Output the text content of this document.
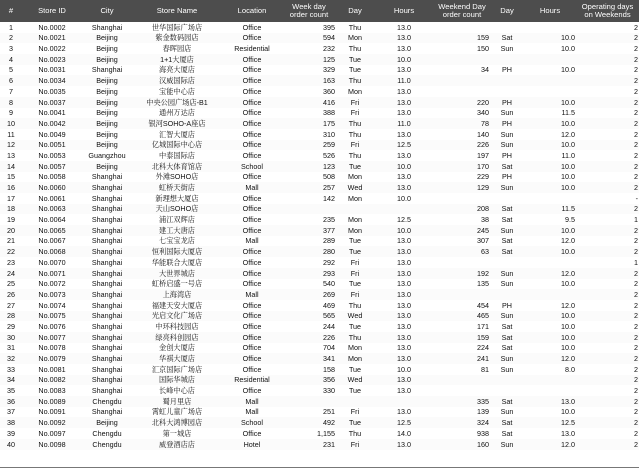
#	Store ID	City	Store Name	Location	Week day order count	Day	Hours	Weekend Day order count	Day	Hours	Operating days on Weekends
1	No.0002	Shanghai	世华国际广场店	Office	395	Thu	13.0				2
2	No.0021	Beijing	紫金数码园店	Office	594	Mon	13.0	159	Sat	10.0	2
3	No.0022	Beijing	春晖园店	Residential	232	Thu	13.0	150	Sun	10.0	2
4	No.0023	Beijing	1+1大厦店	Office	125	Tue	10.0				2
5	No.0031	Shanghai	海亮大厦店	Office	329	Tue	13.0	34	PH	10.0	2
6	No.0034	Beijing	汉威国际店	Office	163	Thu	11.0				2
7	No.0035	Beijing	宝能中心店	Office	360	Mon	13.0				2
8	No.0037	Beijing	中央公园广场店-B1	Office	416	Fri	13.0	220	PH	10.0	2
9	No.0041	Beijing	通州万达店	Office	388	Fri	13.0	340	Sun	11.5	2
10	No.0042	Beijing	银河SOHO-A座店	Office	175	Thu	11.0	78	PH	10.0	2
11	No.0049	Beijing	汇智大厦店	Office	310	Thu	13.0	140	Sun	12.0	2
12	No.0051	Beijing	亿城国际中心店	Office	259	Fri	12.5	226	Sun	10.0	2
13	No.0053	Guangzhou	中泰国际店	Office	526	Thu	13.0	197	PH	11.0	2
14	No.0057	Beijing	北科大体育馆店	School	123	Tue	10.0	170	Sat	10.0	2
15	No.0058	Shanghai	外滩SOHO店	Office	508	Mon	13.0	229	PH	10.0	2
16	No.0060	Shanghai	虹桥天街店	Mall	257	Wed	13.0	129	Sun	10.0	2
17	No.0061	Shanghai	新理想大厦店	Office	142	Mon	10.0				-
18	No.0063	Shanghai	天山SOHO店	Office				208	Sat	11.5	2
19	No.0064	Shanghai	浦江双辉店	Office	235	Mon	12.5	38	Sat	9.5	1
20	No.0065	Shanghai	建工大唐店	Office	377	Mon	10.0	245	Sun	10.0	2
21	No.0067	Shanghai	七宝宝龙店	Mall	289	Tue	13.0	307	Sat	12.0	2
22	No.0068	Shanghai	恒利国际大厦店	Office	280	Tue	13.0	63	Sat	10.0	2
23	No.0070	Shanghai	华能联合大厦店	Office	292	Fri	13.0				1
24	No.0071	Shanghai	大世界城店	Office	293	Fri	13.0	192	Sun	12.0	2
25	No.0072	Shanghai	虹桥启盛一号店	Office	540	Tue	13.0	135	Sun	10.0	2
26	No.0073	Shanghai	上海湾店	Mall	269	Fri	13.0				2
27	No.0074	Shanghai	福建天安大厦店	Office	469	Thu	13.0	454	PH	12.0	2
28	No.0075	Shanghai	光启文化广场店	Office	565	Wed	13.0	465	Sun	10.0	2
29	No.0076	Shanghai	中环科技园店	Office	244	Tue	13.0	171	Sat	10.0	2
30	No.0077	Shanghai	绿亮科创园店	Office	226	Thu	13.0	159	Sat	10.0	2
31	No.0078	Shanghai	金创大厦店	Office	704	Mon	13.0	224	Sat	10.0	2
32	No.0079	Shanghai	华祺大厦店	Office	341	Mon	13.0	241	Sun	12.0	2
33	No.0081	Shanghai	汇京国际广场店	Office	158	Tue	10.0	81	Sun	8.0	2
34	No.0082	Shanghai	国际华城店	Residential	356	Wed	13.0				2
35	No.0083	Shanghai	长峰中心店	Office	330	Tue	13.0				2
36	No.0089	Chengdu	蜀月里店	Mall				335	Sat	13.0	2
37	No.0091	Shanghai	霄虹儿童广场店	Mall	251	Fri	13.0	139	Sun	10.0	2
38	No.0092	Beijing	北科大鸿博园店	School	492	Tue	12.5	324	Sat	12.5	2
39	No.0097	Chengdu	第一城店	Office	1,155	Thu	14.0	938	Sat	13.0	2
40	No.0098	Chengdu	威登酒店店	Hotel	231	Fri	13.0	160	Sun	12.0	2
